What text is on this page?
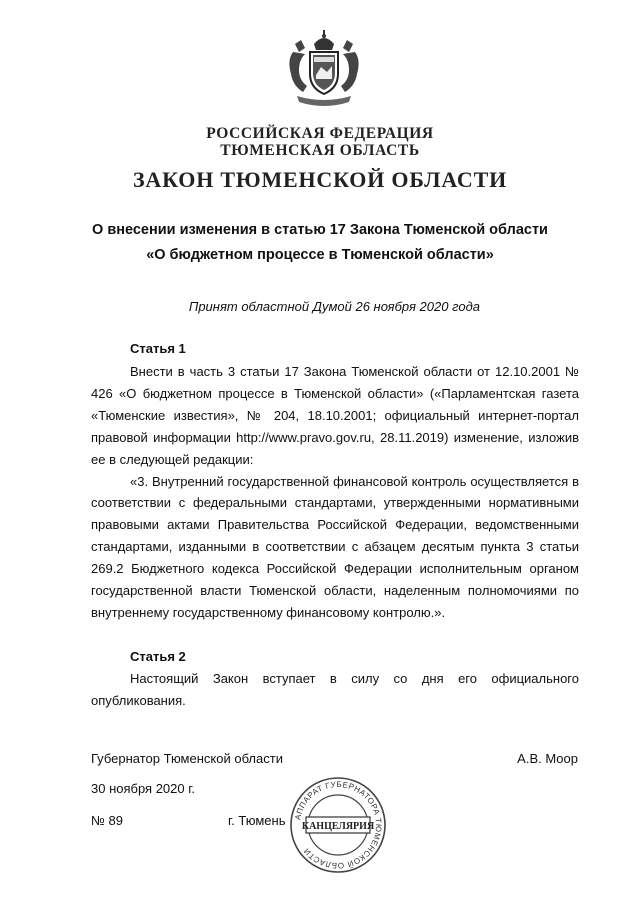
РОССИЙСКАЯ ФЕДЕРАЦИЯ
ТЮМЕНСКАЯ ОБЛАСТЬ
ЗАКОН ТЮМЕНСКОЙ ОБЛАСТИ
О внесении изменения в статью 17 Закона Тюменской области
«О бюджетном процессе в Тюменской области»
Принят областной Думой 26 ноября 2020 года
Статья 1

Внести в часть 3 статьи 17 Закона Тюменской области от 12.10.2001 № 426 «О бюджетном процессе в Тюменской области» («Парламентская газета «Тюменские известия», № 204, 18.10.2001; официальный интернет-портал правовой информации http://www.pravo.gov.ru, 28.11.2019) изменение, изложив ее в следующей редакции:

«3. Внутренний государственной финансовой контроль осуществляется в соответствии с федеральными стандартами, утвержденными нормативными правовыми актами Правительства Российской Федерации, ведомственными стандартами, изданными в соответствии с абзацем десятым пункта 3 статьи 269.2 Бюджетного кодекса Российской Федерации исполнительным органом государственной власти Тюменской области, наделенным полномочиями по внутреннему государственному финансовому контролю.».

Статья 2

Настоящий Закон вступает в силу со дня его официального опубликования.

Губернатор Тюменской области	А.В. Моор
30 ноября 2020 г.
№ 89	г. Тюмень АППАРАТ ГУБЕРНАТОРА ТЮМЕНСКОЙ ОБЛАСТИ
КАНЦЕЛЯРИЯ
